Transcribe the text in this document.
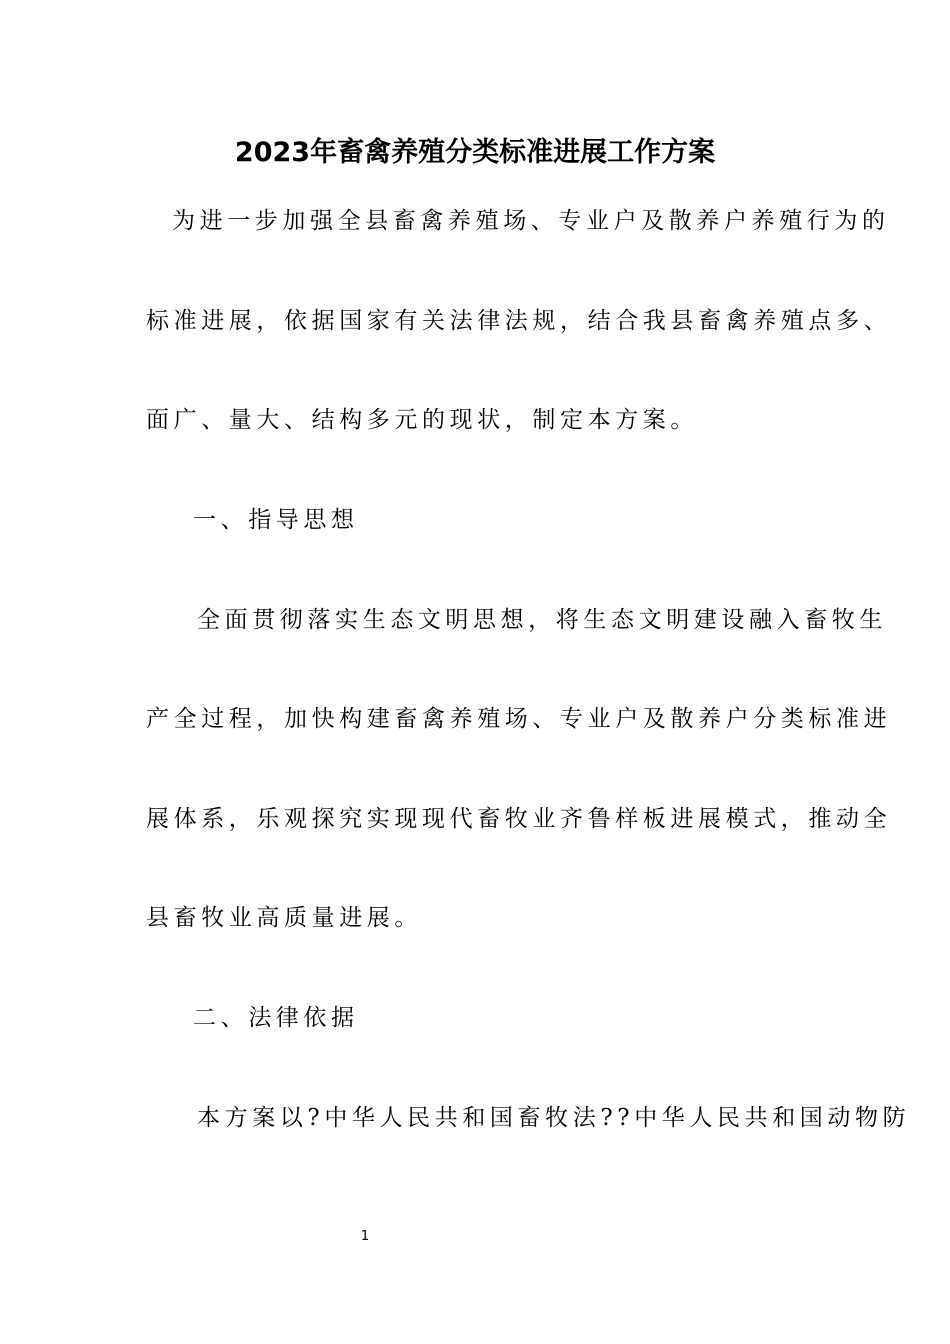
2023年畜禽养殖分类标准进展工作方案
为进一步加强全县畜禽养殖场、专业户及散养户养殖行为的
标准进展，依据国家有关法律法规，结合我县畜禽养殖点多、
面广、量大、结构多元的现状，制定本方案。
一、指导思想
全面贯彻落实生态文明思想，将生态文明建设融入畜牧生
产全过程，加快构建畜禽养殖场、专业户及散养户分类标准进
展体系，乐观探究实现现代畜牧业齐鲁样板进展模式，推动全
县畜牧业高质量进展。
二、法律依据
本方案以?中华人民共和国畜牧法??中华人民共和国动物防
1
